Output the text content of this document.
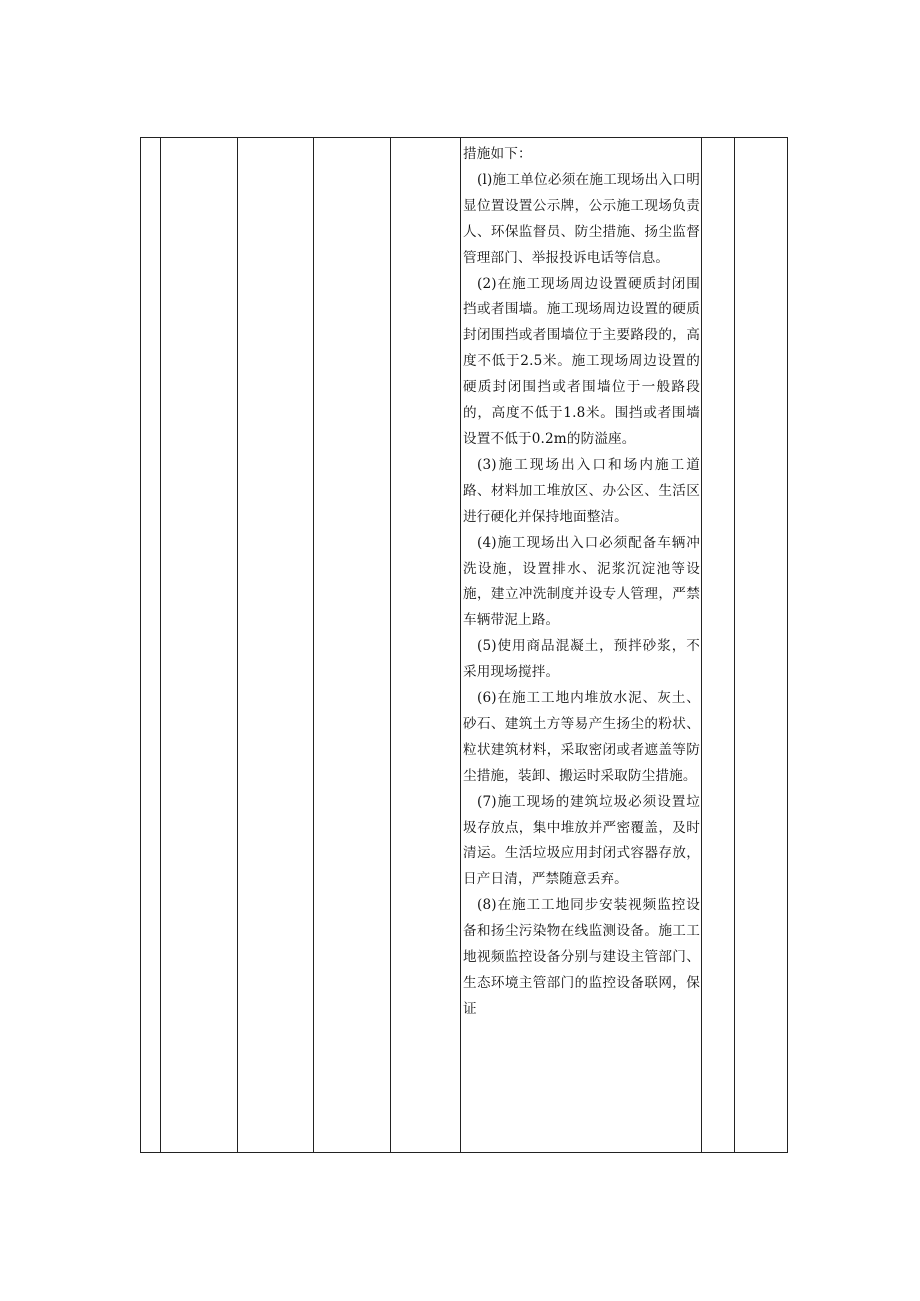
措施如下：

(l)施工单位必须在施工现场出入口明显位置设置公示牌，公示施工现场负责人、环保监督员、防尘措施、扬尘监督管理部门、举报投诉电话等信息。

(2)在施工现场周边设置硬质封闭围挡或者围墙。施工现场周边设置的硬质封闭围挡或者围墙位于主要路段的，高度不低于2.5米。施工现场周边设置的硬质封闭围挡或者围墙位于一般路段的，高度不低于1.8米。围挡或者围墙设置不低于0.2m的防溢座。

(3)施工现场出入口和场内施工道路、材料加工堆放区、办公区、生活区进行硬化并保持地面整洁。

(4)施工现场出入口必须配备车辆冲洗设施，设置排水、泥浆沉淀池等设施，建立冲洗制度并设专人管理，严禁车辆带泥上路。

(5)使用商品混凝土，预拌砂浆，不采用现场搅拌。

(6)在施工工地内堆放水泥、灰土、砂石、建筑土方等易产生扬尘的粉状、粒状建筑材料，采取密闭或者遮盖等防尘措施，装卸、搬运时采取防尘措施。

(7)施工现场的建筑垃圾必须设置垃圾存放点，集中堆放并严密覆盖，及时清运。生活垃圾应用封闭式容器存放，日产日清，严禁随意丢弃。

(8)在施工工地同步安装视频监控设备和扬尘污染物在线监测设备。施工工地视频监控设备分别与建设主管部门、生态环境主管部门的监控设备联网，保证
